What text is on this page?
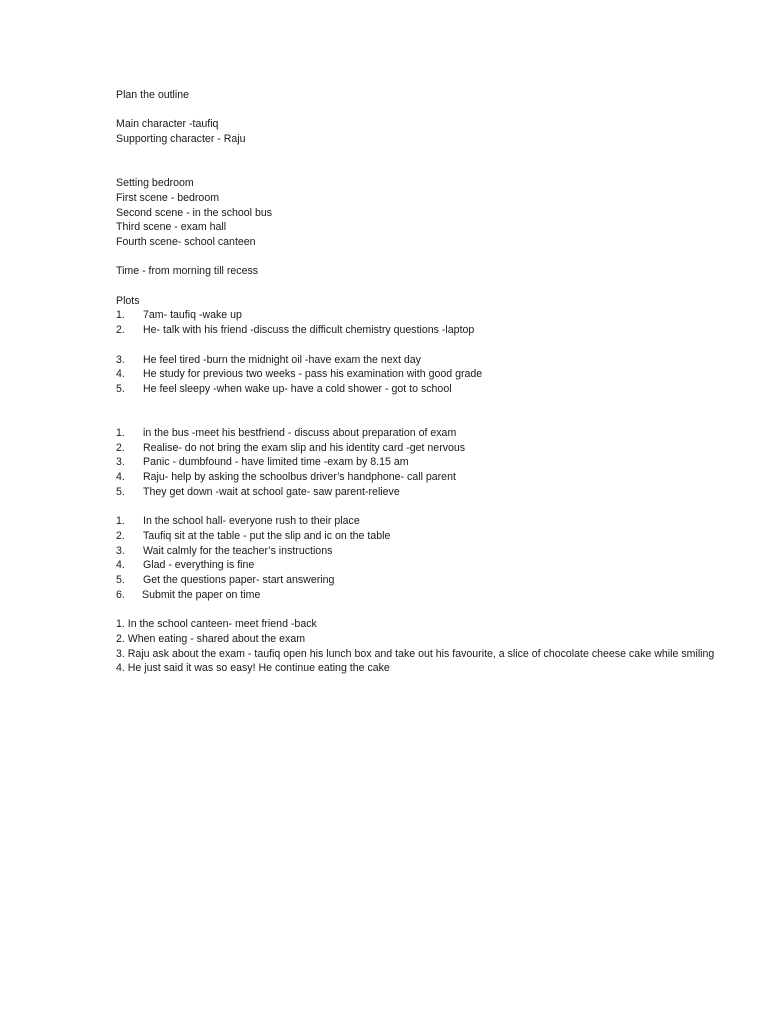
Plan the outline
Main character -taufiq
Supporting character - Raju
Setting bedroom
First scene - bedroom
Second scene - in the school bus
Third scene - exam hall
Fourth scene- school canteen
Time - from morning till recess
Plots
1.	7am- taufiq -wake up
2.	He- talk with his friend -discuss the difficult chemistry questions -laptop
3.	He feel tired -burn the midnight oil -have exam the next day
4.	He study for previous two weeks - pass his examination with good grade
5.	He feel sleepy -when wake up- have a cold shower - got to school
1.	in the bus -meet his bestfriend - discuss about preparation of exam
2.	Realise- do not bring the exam slip and his identity card -get nervous
3.	Panic - dumbfound - have limited time -exam by 8.15 am
4.	Raju- help by asking the schoolbus driver’s handphone- call parent
5.	They get down -wait at school gate- saw parent-relieve
1.	In the school hall- everyone rush to their place
2.	Taufiq sit at the table - put the slip and ic on the table
3.	Wait calmly for the teacher’s instructions
4.	Glad - everything is fine
5.	Get the questions paper- start answering
6.	Submit the paper on time
1. In the school canteen- meet friend -back
2. When eating - shared about the exam
3. Raju ask about the exam - taufiq open his lunch box and take out his favourite, a slice of chocolate cheese cake while smiling
4. He just said it was so easy! He continue eating the cake
